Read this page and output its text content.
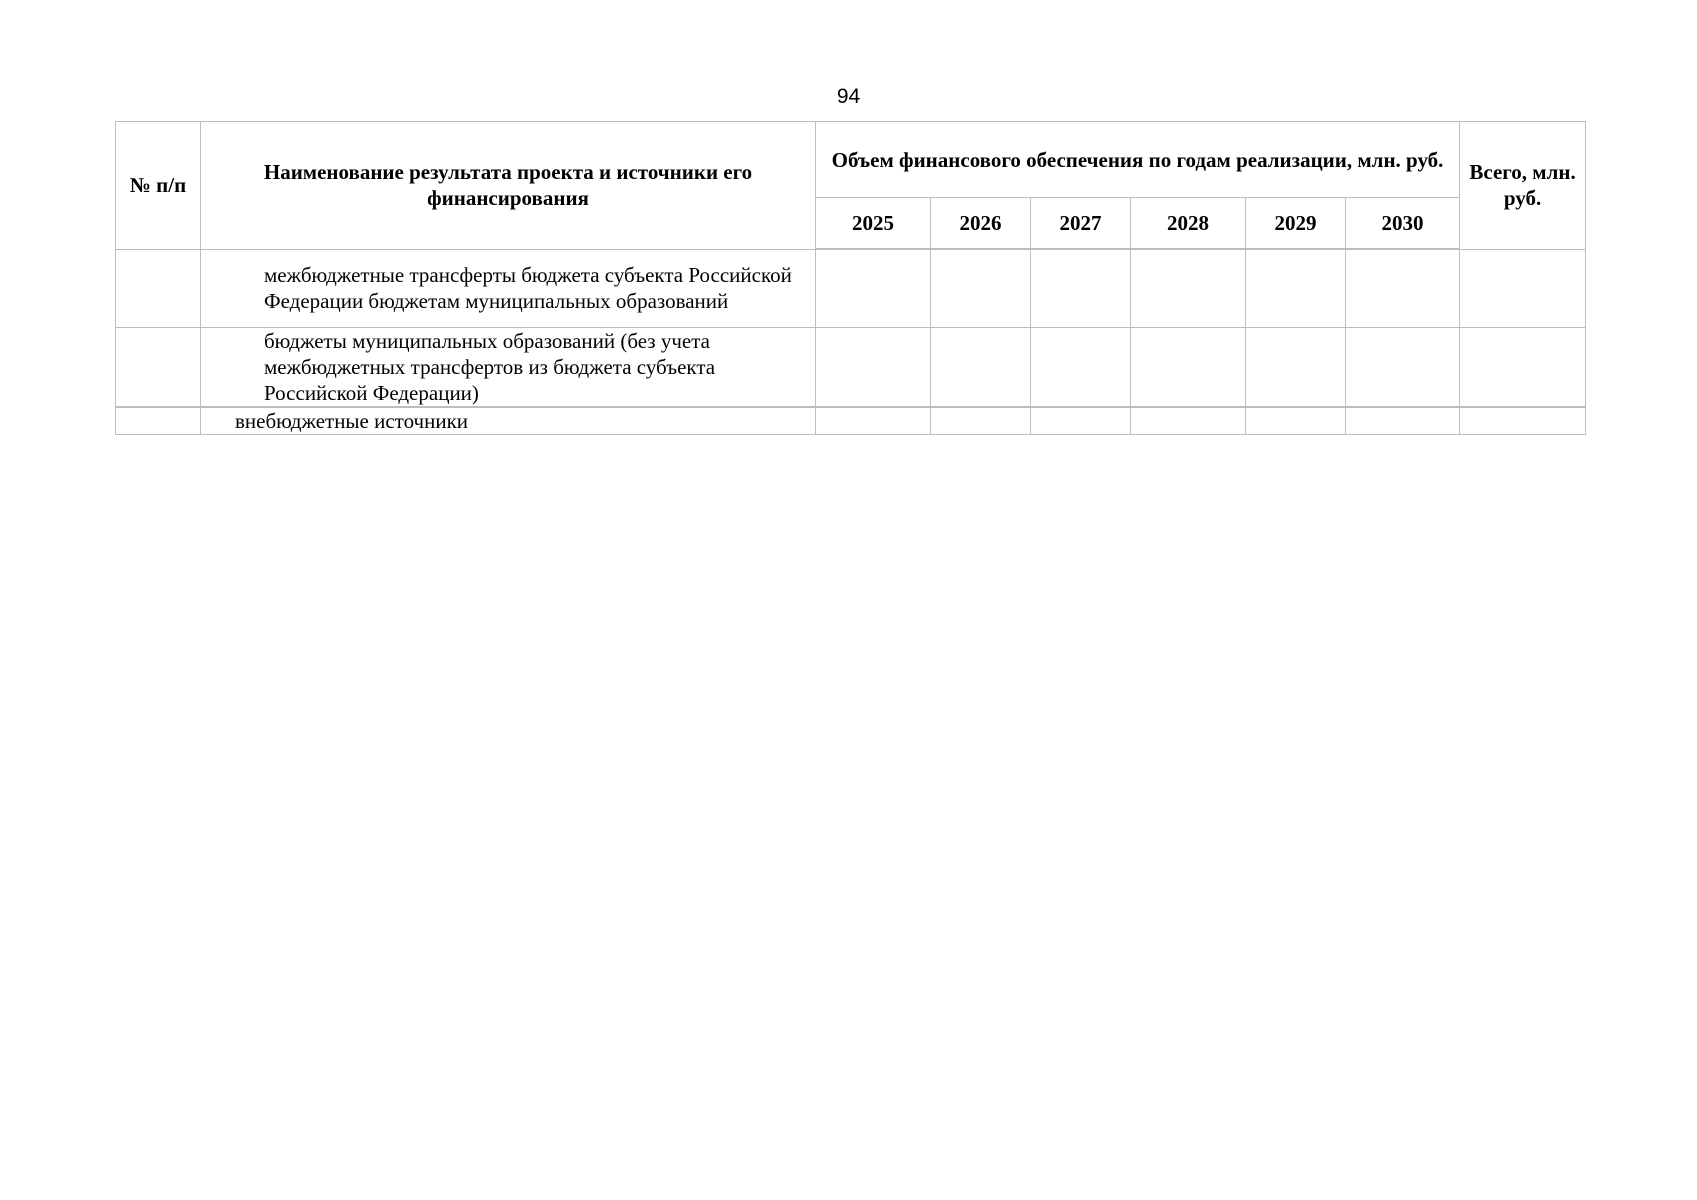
94
№ п/п	Наименование результата проекта и источники его финансирования	Объем финансового обеспечения по годам реализации, млн. руб.						Всего, млн. руб.
		2025	2026	2027	2028	2029	2030	
	межбюджетные трансферты бюджета субъекта Российской Федерации бюджетам муниципальных образований							
	бюджеты муниципальных образований (без учета межбюджетных трансфертов из бюджета субъекта Российской Федерации)							
	внебюджетные источники							
